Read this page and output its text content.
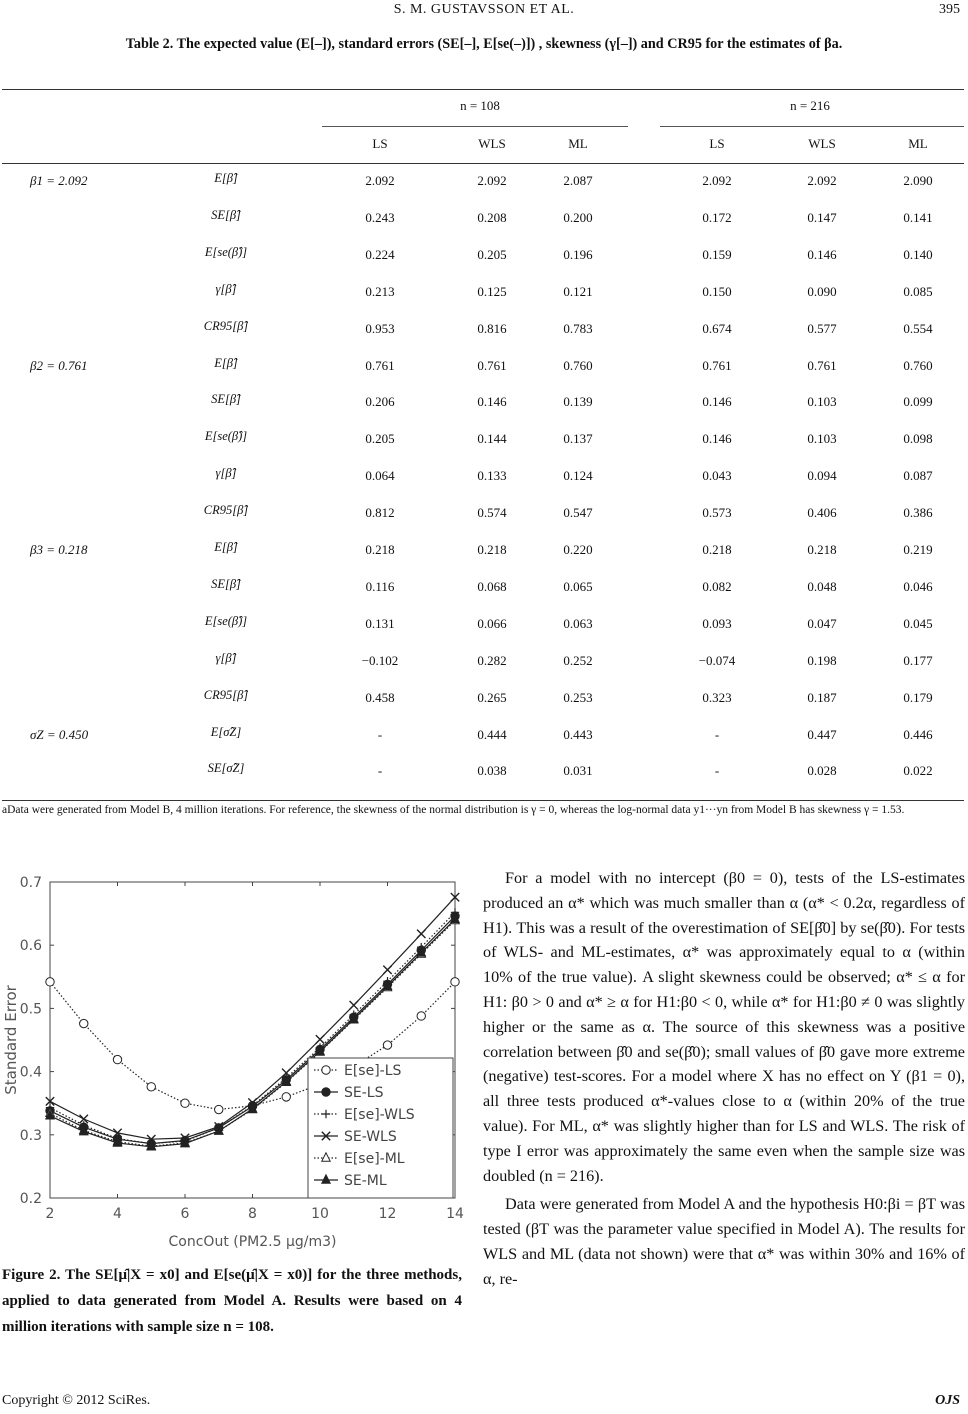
S. M. GUSTAVSSON ET AL.	395
Table 2. The expected value (E[–]), standard errors (SE[–], E[se(–)]) , skewness (γ[–]) and CR95 for the estimates of βa.
n = 108	n = 216
LS	WLS	ML	LS	WLS	ML
β1 = 2.092	E[β̂]	2.092	2.092	2.087	2.092	2.092	2.090
SE[β̂]	0.243	0.208	0.200	0.172	0.147	0.141
E[se(β̂)]	0.224	0.205	0.196	0.159	0.146	0.140
γ[β̂]	0.213	0.125	0.121	0.150	0.090	0.085
CR95[β̂]	0.953	0.816	0.783	0.674	0.577	0.554
β2 = 0.761	E[β̂]	0.761	0.761	0.760	0.761	0.761	0.760
SE[β̂]	0.206	0.146	0.139	0.146	0.103	0.099
E[se(β̂)]	0.205	0.144	0.137	0.146	0.103	0.098
γ[β̂]	0.064	0.133	0.124	0.043	0.094	0.087
CR95[β̂]	0.812	0.574	0.547	0.573	0.406	0.386
β3 = 0.218	E[β̂]	0.218	0.218	0.220	0.218	0.218	0.219
SE[β̂]	0.116	0.068	0.065	0.082	0.048	0.046
E[se(β̂)]	0.131	0.066	0.063	0.093	0.047	0.045
γ[β̂]	−0.102	0.282	0.252	−0.074	0.198	0.177
CR95[β̂]	0.458	0.265	0.253	0.323	0.187	0.179
σZ = 0.450	E[σ̂Z]	-	0.444	0.443	-	0.447	0.446
SE[σ̂Z]	-	0.038	0.031	-	0.028	0.022
aData were generated from Model B, 4 million iterations. For reference, the skewness of the normal distribution is γ = 0, whereas the log-normal data y1···yn from Model B has skewness γ = 1.53.
2	4	6	8	10	12	14
0.2
0.3
0.4
0.5
0.6
0.7
Standard Error
ConcOut (PM2.5 μg/m3)
E[se]-LS
SE-LS
E[se]-WLS
SE-WLS
E[se]-ML
SE-ML
Figure 2. The SE[μ̂|X = x0] and E[se(μ̂|X = x0)] for the three methods, applied to data generated from Model A. Results were based on 4 million iterations with sample size n = 108.

For a model with no intercept (β0 = 0), tests of the LS-estimates produced an α* which was much smaller than α (α* < 0.2α, regardless of H1). This was a result of the overestimation of SE[β̂0] by se(β̂0). For tests of WLS- and ML-estimates, α* was approximately equal to α (within 10% of the true value). A slight skewness could be observed; α* ≤ α for H1: β0 > 0 and α* ≥ α for H1:β0 < 0, while α* for H1:β0 ≠ 0 was slightly higher or the same as α. The source of this skewness was a positive correlation between β̂0 and se(β̂0); small values of β̂0 gave more extreme (negative) test-scores. For a model where X has no effect on Y (β1 = 0), all three tests produced α*-values close to α (within 20% of the true value). For ML, α* was slightly higher than for LS and WLS. The risk of type I error was approximately the same even when the sample size was doubled (n = 216).

Data were generated from Model A and the hypothesis H0:βi = βT was tested (βT was the parameter value specified in Model A). The results for WLS and ML (data not shown) were that α* was within 30% and 16% of α, re-

Copyright © 2012 SciRes.	OJS
